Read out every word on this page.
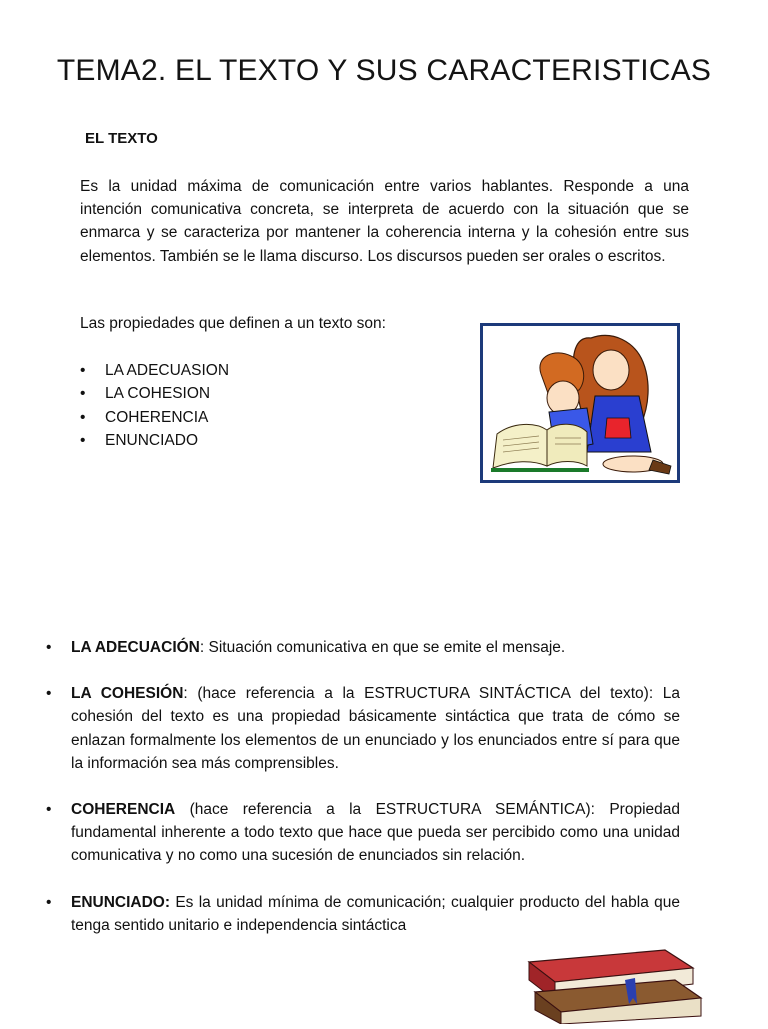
TEMA2. EL TEXTO Y SUS CARACTERISTICAS
EL TEXTO
Es la unidad máxima de comunicación entre varios hablantes. Responde a una intención comunicativa concreta, se interpreta de acuerdo con la situación que se enmarca y se caracteriza por mantener la coherencia interna y la cohesión entre sus elementos. También se le llama discurso. Los discursos pueden ser orales o escritos.
Las propiedades que definen a un texto son:
• LA ADECUASION
• LA COHESION
• COHERENCIA
• ENUNCIADO
• LA ADECUACIÓN: Situación comunicativa en que se emite el mensaje.
• LA COHESIÓN: (hace referencia a la ESTRUCTURA SINTÁCTICA del texto): La cohesión del texto es una propiedad básicamente sintáctica que trata de cómo se enlazan formalmente los elementos de un enunciado y los enunciados entre sí para que la información sea más comprensibles.
• COHERENCIA (hace referencia a la ESTRUCTURA SEMÁNTICA): Propiedad fundamental inherente a todo texto que hace que pueda ser percibido como una unidad comunicativa y no como una sucesión de enunciados sin relación.
• ENUNCIADO: Es la unidad mínima de comunicación; cualquier producto del habla que tenga sentido unitario e independencia sintáctica
